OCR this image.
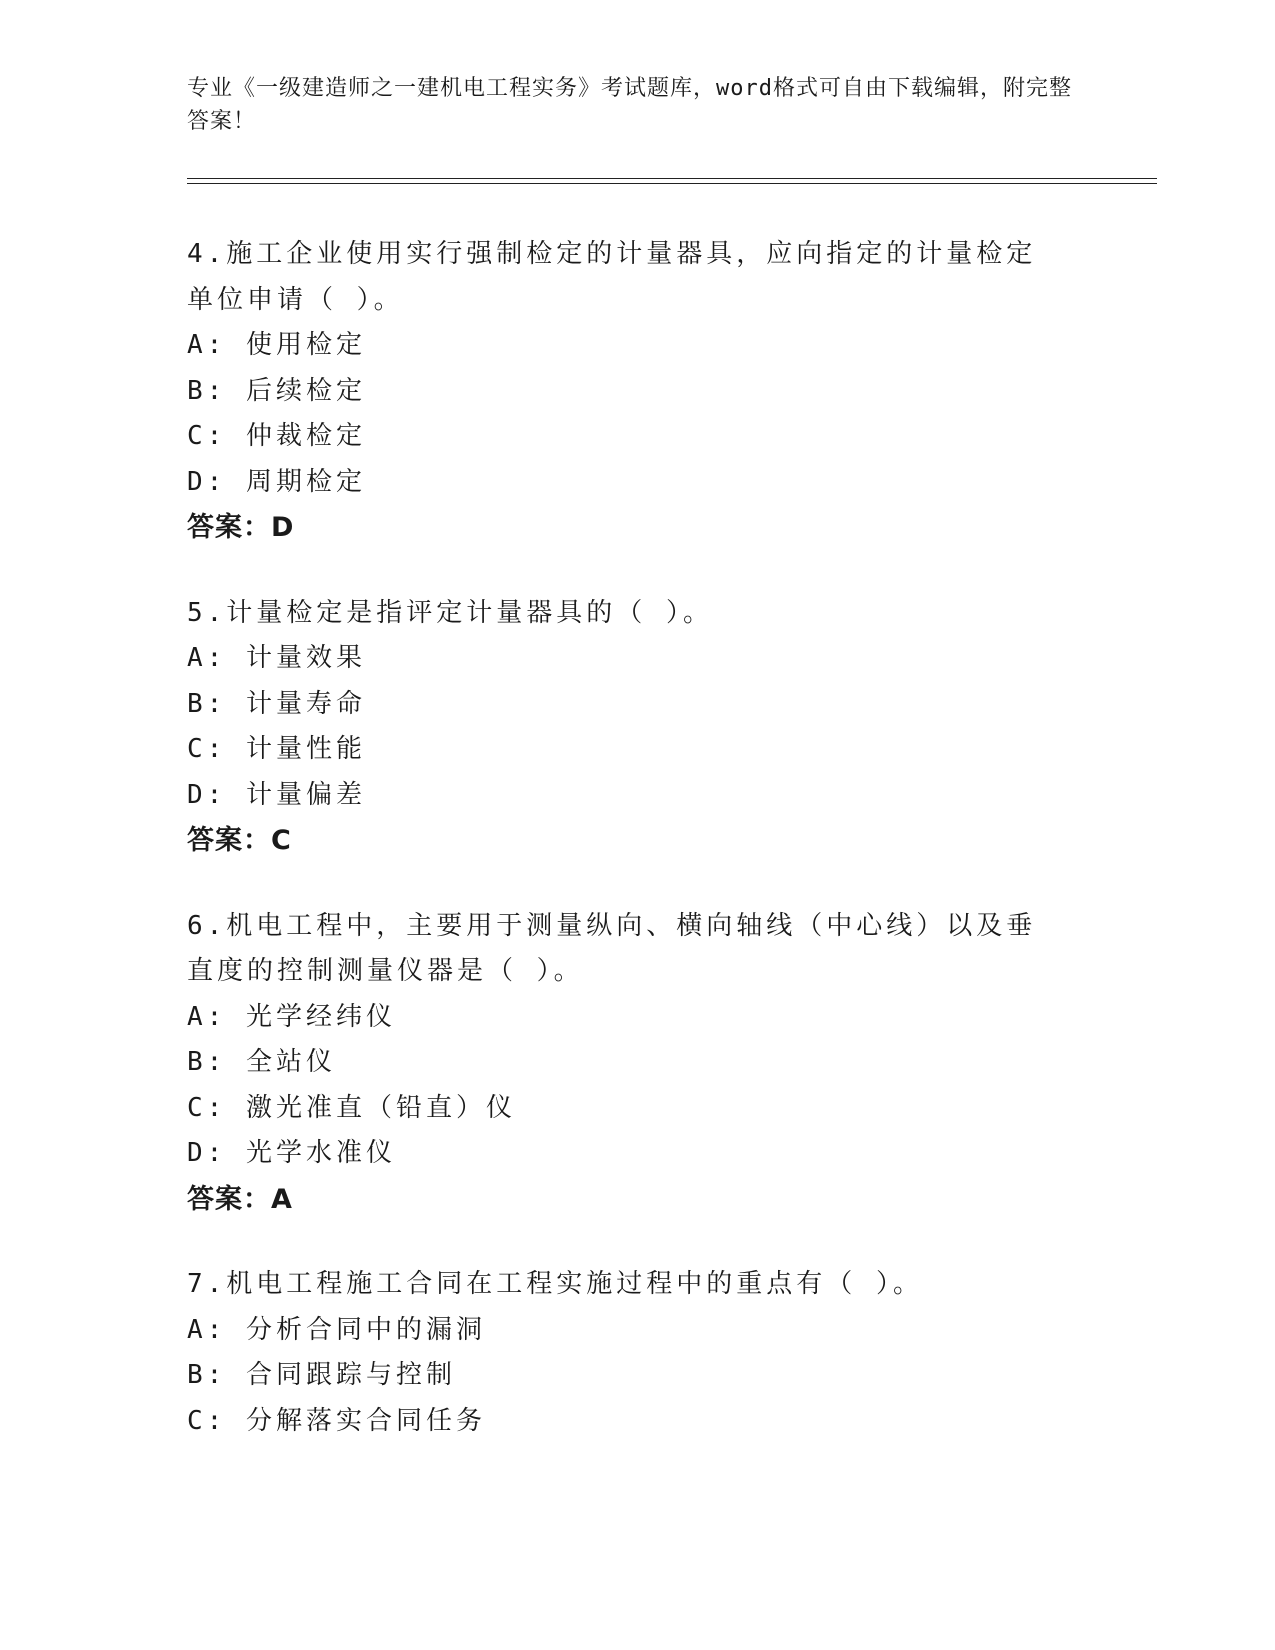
专业《一级建造师之一建机电工程实务》考试题库，word格式可自由下载编辑，附完整答案！
4.施工企业使用实行强制检定的计量器具，应向指定的计量检定单位申请（ ）。
A: 使用检定
B: 后续检定
C: 仲裁检定
D: 周期检定
答案：D
5.计量检定是指评定计量器具的（ ）。
A: 计量效果
B: 计量寿命
C: 计量性能
D: 计量偏差
答案：C
6.机电工程中，主要用于测量纵向、横向轴线（中心线）以及垂直度的控制测量仪器是（ ）。
A: 光学经纬仪
B: 全站仪
C: 激光准直（铅直）仪
D: 光学水准仪
答案：A
7.机电工程施工合同在工程实施过程中的重点有（ ）。
A: 分析合同中的漏洞
B: 合同跟踪与控制
C: 分解落实合同任务
